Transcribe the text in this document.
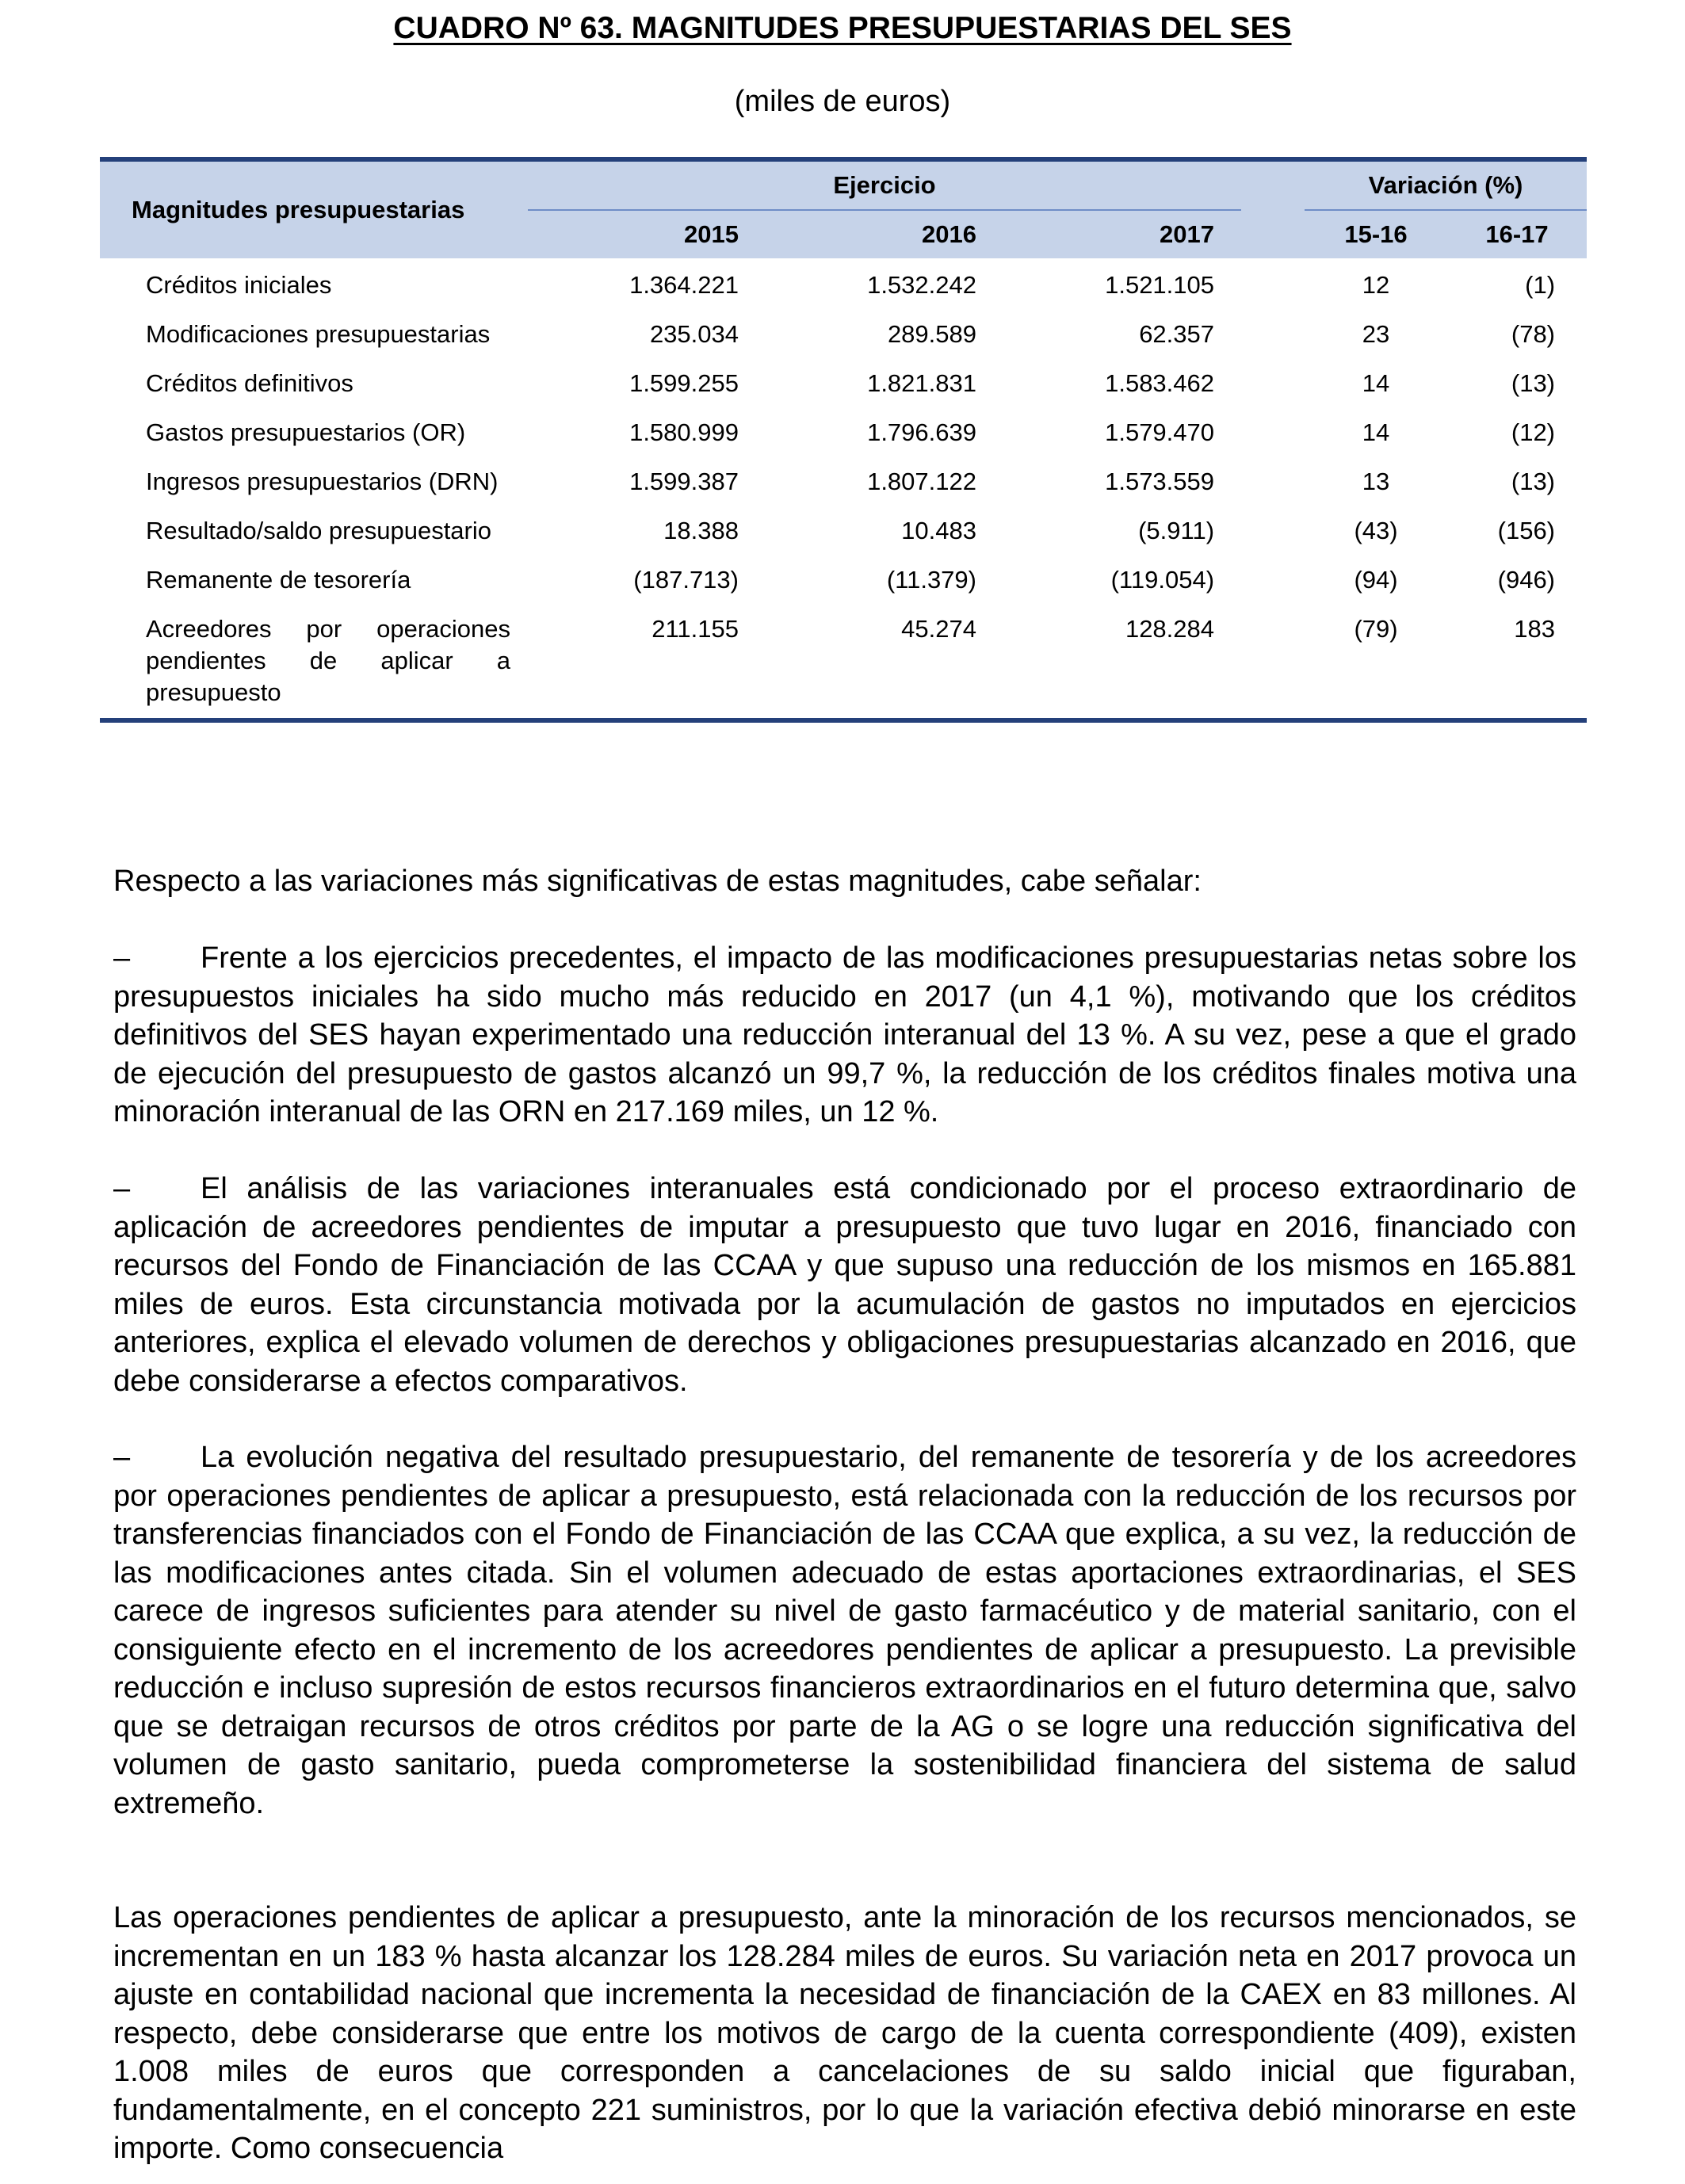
CUADRO Nº 63. MAGNITUDES PRESUPUESTARIAS DEL SES
(miles de euros)
Magnitudes presupuestarias	Ejercicio				Variación (%)	
	2015	2016	2017		15-16	16-17
Créditos iniciales	1.364.221	1.532.242	1.521.105		12	(1)
Modificaciones presupuestarias	235.034	289.589	62.357		23	(78)
Créditos definitivos	1.599.255	1.821.831	1.583.462		14	(13)
Gastos presupuestarios (OR)	1.580.999	1.796.639	1.579.470		14	(12)
Ingresos presupuestarios (DRN)	1.599.387	1.807.122	1.573.559		13	(13)
Resultado/saldo presupuestario	18.388	10.483	(5.911)		(43)	(156)
Remanente de tesorería	(187.713)	(11.379)	(119.054)		(94)	(946)
Acreedores por operaciones pendientes de aplicar a presupuesto	211.155	45.274	128.284		(79)	183

Respecto a las variaciones más significativas de estas magnitudes, cabe señalar:

– Frente a los ejercicios precedentes, el impacto de las modificaciones presupuestarias netas sobre los presupuestos iniciales ha sido mucho más reducido en 2017 (un 4,1 %), motivando que los créditos definitivos del SES hayan experimentado una reducción interanual del 13 %. A su vez, pese a que el grado de ejecución del presupuesto de gastos alcanzó un 99,7 %, la reducción de los créditos finales motiva una minoración interanual de las ORN en 217.169 miles, un 12 %.

– El análisis de las variaciones interanuales está condicionado por el proceso extraordinario de aplicación de acreedores pendientes de imputar a presupuesto que tuvo lugar en 2016, financiado con recursos del Fondo de Financiación de las CCAA y que supuso una reducción de los mismos en 165.881 miles de euros. Esta circunstancia motivada por la acumulación de gastos no imputados en ejercicios anteriores, explica el elevado volumen de derechos y obligaciones presupuestarias alcanzado en 2016, que debe considerarse a efectos comparativos.

– La evolución negativa del resultado presupuestario, del remanente de tesorería y de los acreedores por operaciones pendientes de aplicar a presupuesto, está relacionada con la reducción de los recursos por transferencias financiados con el Fondo de Financiación de las CCAA que explica, a su vez, la reducción de las modificaciones antes citada. Sin el volumen adecuado de estas aportaciones extraordinarias, el SES carece de ingresos suficientes para atender su nivel de gasto farmacéutico y de material sanitario, con el consiguiente efecto en el incremento de los acreedores pendientes de aplicar a presupuesto. La previsible reducción e incluso supresión de estos recursos financieros extraordinarios en el futuro determina que, salvo que se detraigan recursos de otros créditos por parte de la AG o se logre una reducción significativa del volumen de gasto sanitario, pueda comprometerse la sostenibilidad financiera del sistema de salud extremeño.

Las operaciones pendientes de aplicar a presupuesto, ante la minoración de los recursos mencionados, se incrementan en un 183 % hasta alcanzar los 128.284 miles de euros. Su variación neta en 2017 provoca un ajuste en contabilidad nacional que incrementa la necesidad de financiación de la CAEX en 83 millones. Al respecto, debe considerarse que entre los motivos de cargo de la cuenta correspondiente (409), existen 1.008 miles de euros que corresponden a cancelaciones de su saldo inicial que figuraban, fundamentalmente, en el concepto 221 suministros, por lo que la variación efectiva debió minorarse en este importe. Como consecuencia
